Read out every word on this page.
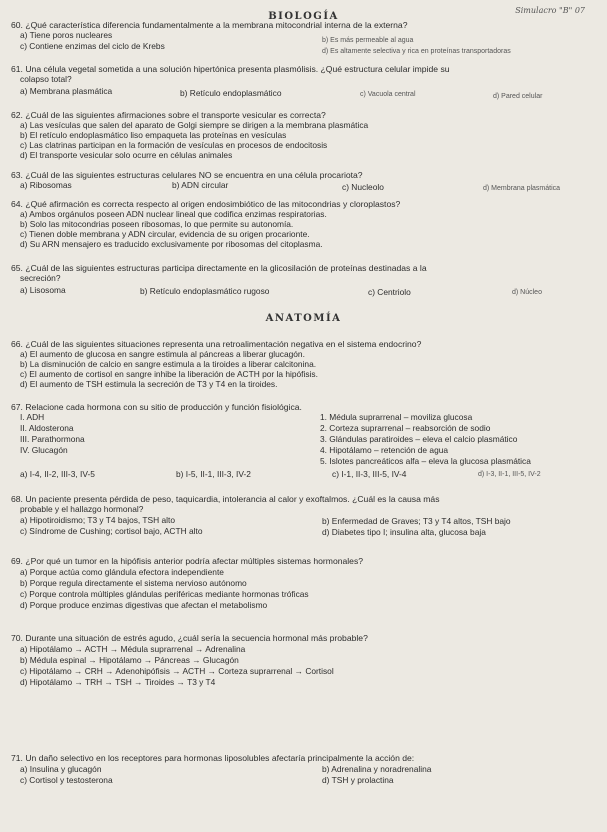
Simulacro "B" 07
BIOLOGÍA
60. ¿Qué característica diferencia fundamentalmente a la membrana mitocondrial interna de la externa?
a) Tiene poros nucleares
b) Es más permeable al agua
c) Contiene enzimas del ciclo de Krebs
d) Es altamente selectiva y rica en proteínas transportadoras
61. Una célula vegetal sometida a una solución hipertónica presenta plasmólisis. ¿Qué estructura celular impide su
colapso total?
a) Membrana plasmática	b) Retículo endoplasmático	c) Vacuola central	d) Pared celular
62. ¿Cuál de las siguientes afirmaciones sobre el transporte vesicular es correcta?
a) Las vesículas que salen del aparato de Golgi siempre se dirigen a la membrana plasmática
b) El retículo endoplasmático liso empaqueta las proteínas en vesículas
c) Las clatrinas participan en la formación de vesículas en procesos de endocitosis
d) El transporte vesicular solo ocurre en células animales
63. ¿Cuál de las siguientes estructuras celulares NO se encuentra en una célula procariota?
a) Ribosomas	b) ADN circular	c) Nucleolo	d) Membrana plasmática
64. ¿Qué afirmación es correcta respecto al origen endosimbiótico de las mitocondrias y cloroplastos?
a) Ambos orgánulos poseen ADN nuclear lineal que codifica enzimas respiratorias.
b) Solo las mitocondrias poseen ribosomas, lo que permite su autonomía.
c) Tienen doble membrana y ADN circular, evidencia de su origen procarionte.
d) Su ARN mensajero es traducido exclusivamente por ribosomas del citoplasma.
65. ¿Cuál de las siguientes estructuras participa directamente en la glicosilación de proteínas destinadas a la
secreción?
a) Lisosoma	b) Retículo endoplasmático rugoso	c) Centriolo	d) Núcleo
ANATOMÍA
66. ¿Cuál de las siguientes situaciones representa una retroalimentación negativa en el sistema endocrino?
a) El aumento de glucosa en sangre estimula al páncreas a liberar glucagón.
b) La disminución de calcio en sangre estimula a la tiroides a liberar calcitonina.
c) El aumento de cortisol en sangre inhibe la liberación de ACTH por la hipófisis.
d) El aumento de TSH estimula la secreción de T3 y T4 en la tiroides.
67. Relacione cada hormona con su sitio de producción y función fisiológica.
I. ADH
II. Aldosterona
III. Parathormona
IV. Glucagón
1. Médula suprarrenal – moviliza glucosa
2. Corteza suprarrenal – reabsorción de sodio
3. Glándulas paratiroides – eleva el calcio plasmático
4. Hipotálamo – retención de agua
5. Islotes pancreáticos alfa – eleva la glucosa plasmática
a) I-4, II-2, III-3, IV-5	b) I-5, II-1, III-3, IV-2	c) I-1, II-3, III-5, IV-4	d) I-3, II-1, III-5, IV-2
68. Un paciente presenta pérdida de peso, taquicardia, intolerancia al calor y exoftalmos. ¿Cuál es la causa más
probable y el hallazgo hormonal?
a) Hipotiroidismo; T3 y T4 bajos, TSH alto	b) Enfermedad de Graves; T3 y T4 altos, TSH bajo
c) Síndrome de Cushing; cortisol bajo, ACTH alto	d) Diabetes tipo I; insulina alta, glucosa baja
69. ¿Por qué un tumor en la hipófisis anterior podría afectar múltiples sistemas hormonales?
a) Porque actúa como glándula efectora independiente
b) Porque regula directamente el sistema nervioso autónomo
c) Porque controla múltiples glándulas periféricas mediante hormonas tróficas
d) Porque produce enzimas digestivas que afectan el metabolismo
70. Durante una situación de estrés agudo, ¿cuál sería la secuencia hormonal más probable?
a) Hipotálamo → ACTH → Médula suprarrenal → Adrenalina
b) Médula espinal → Hipotálamo → Páncreas → Glucagón
c) Hipotálamo → CRH → Adenohipófisis → ACTH → Corteza suprarrenal → Cortisol
d) Hipotálamo → TRH → TSH → Tiroides → T3 y T4
71. Un daño selectivo en los receptores para hormonas liposolubles afectaría principalmente la acción de:
a) Insulina y glucagón	b) Adrenalina y noradrenalina
c) Cortisol y testosterona	d) TSH y prolactina
